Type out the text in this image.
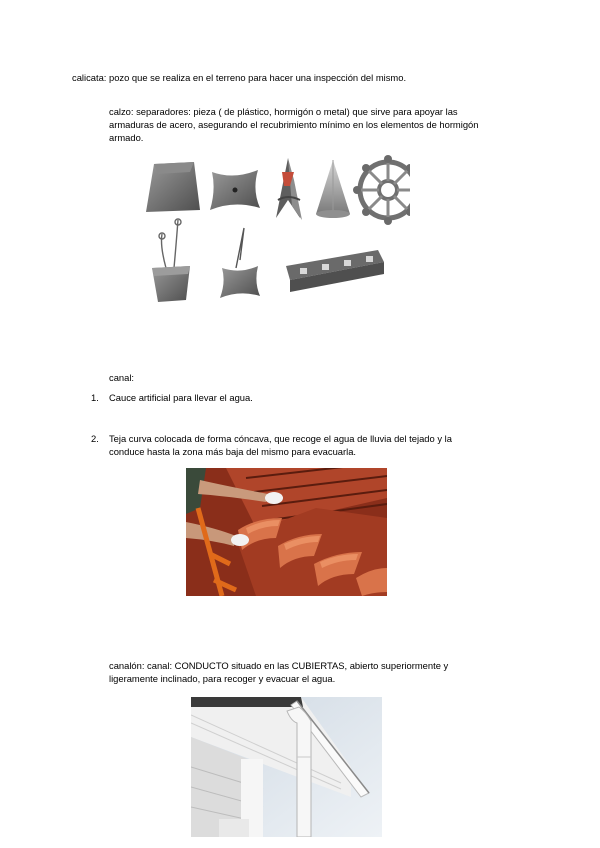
calicata: pozo que se realiza en el terreno para hacer una inspección del mismo.
calzo: separadores: pieza ( de plástico, hormigón o metal) que sirve para apoyar las
armaduras de acero, asegurando el recubrimiento mínimo en los elementos de hormigón
armado.
canal:
1. Cauce artificial para llevar el agua.
2. Teja curva colocada de forma cóncava, que recoge el agua de lluvia del tejado y la
conduce hasta la zona más baja del mismo para evacuarla.
canalón: canal: CONDUCTO situado en las CUBIERTAS, abierto superiormente y
ligeramente inclinado, para recoger y evacuar el agua.
